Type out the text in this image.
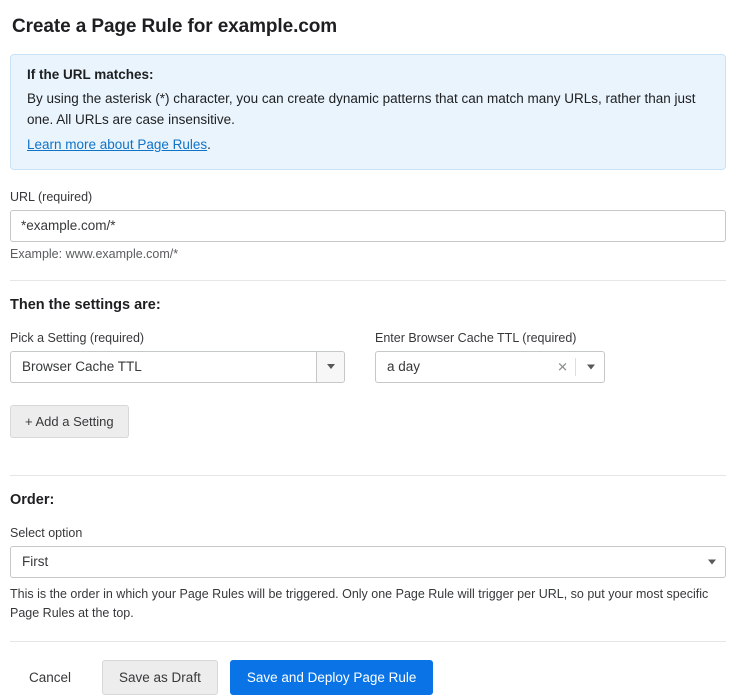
Create a Page Rule for example.com
If the URL matches:
By using the asterisk (*) character, you can create dynamic patterns that can match many URLs, rather than just one. All URLs are case insensitive.
Learn more about Page Rules.
URL (required)
*example.com/*
Example: www.example.com/*
Then the settings are:
Pick a Setting (required)
Browser Cache TTL
Enter Browser Cache TTL (required)
a day	✕
+ Add a Setting
Order:
Select option
First
This is the order in which your Page Rules will be triggered. Only one Page Rule will trigger per URL, so put your most specific Page Rules at the top.
Cancel	Save as Draft	Save and Deploy Page Rule
